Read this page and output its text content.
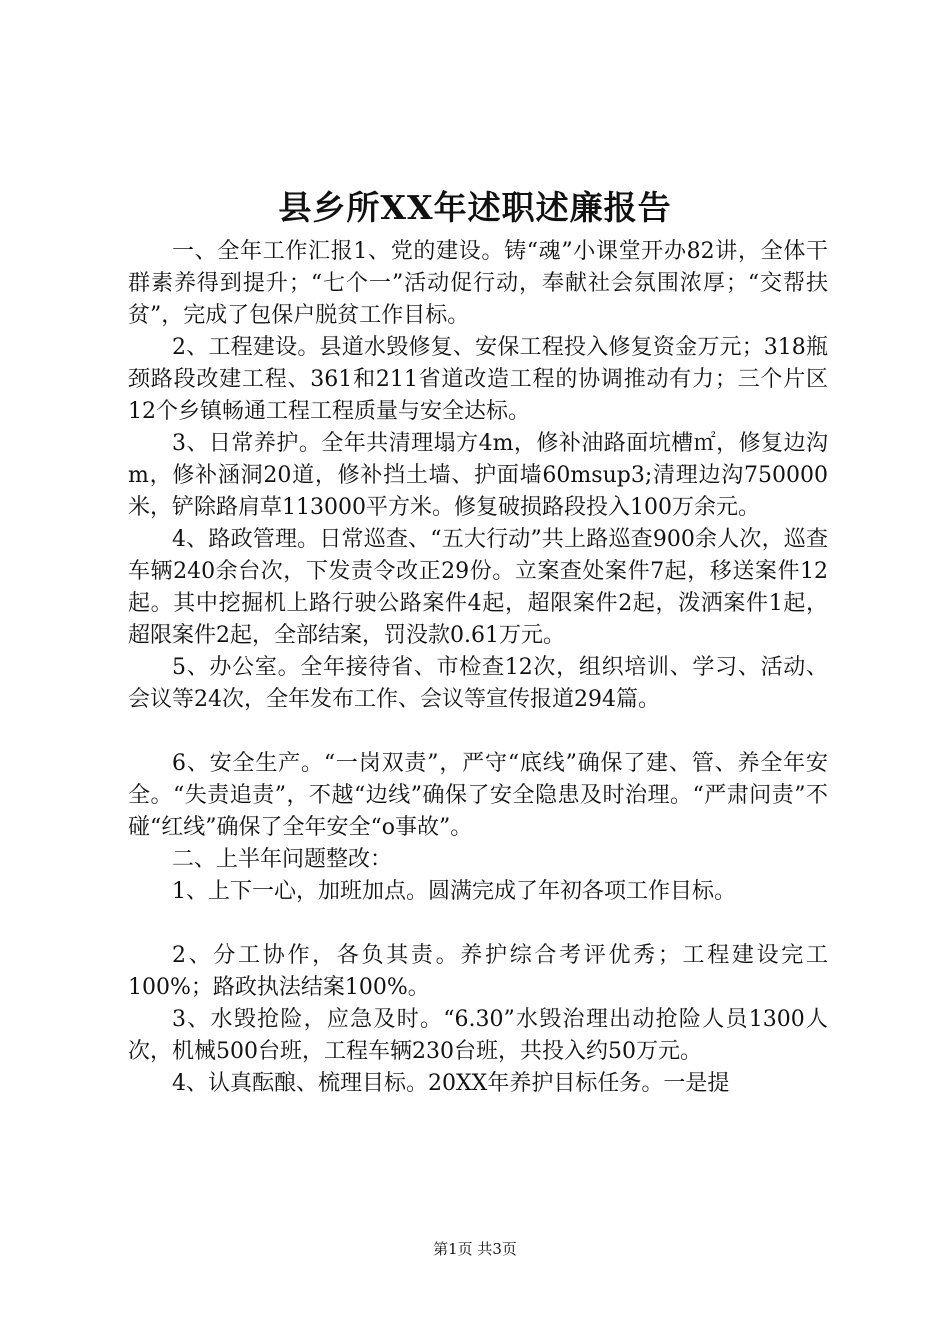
县乡所XX年述职述廉报告

一、全年工作汇报1、党的建设。铸“魂”小课堂开办82讲，全体干群素养得到提升；“七个一”活动促行动，奉献社会氛围浓厚；“交帮扶贫”，完成了包保户脱贫工作目标。

2、工程建设。县道水毁修复、安保工程投入修复资金万元；318瓶颈路段改建工程、361和211省道改造工程的协调推动有力；三个片区12个乡镇畅通工程工程质量与安全达标。

3、日常养护。全年共清理塌方4m，修补油路面坑槽㎡，修复边沟m，修补涵洞20道，修补挡土墙、护面墙60msup3;清理边沟750000米，铲除路肩草113000平方米。修复破损路段投入100万余元。

4、路政管理。日常巡查、“五大行动”共上路巡查900余人次，巡查车辆240余台次，下发责令改正29份。立案查处案件7起，移送案件12起。其中挖掘机上路行驶公路案件4起，超限案件2起，泼洒案件1起，超限案件2起，全部结案，罚没款0.61万元。

5、办公室。全年接待省、市检查12次，组织培训、学习、活动、会议等24次，全年发布工作、会议等宣传报道294篇。

6、安全生产。“一岗双责”，严守“底线”确保了建、管、养全年安全。“失责追责”，不越“边线”确保了安全隐患及时治理。“严肃问责”不碰“红线”确保了全年安全“o事故”。

二、上半年问题整改：

1、上下一心，加班加点。圆满完成了年初各项工作目标。

2、分工协作，各负其责。养护综合考评优秀；工程建设完工100%；路政执法结案100%。

3、水毁抢险，应急及时。“6.30”水毁治理出动抢险人员1300人次，机械500台班，工程车辆230台班，共投入约50万元。

4、认真酝酿、梳理目标。20XX年养护目标任务。一是提

第1页 共3页
